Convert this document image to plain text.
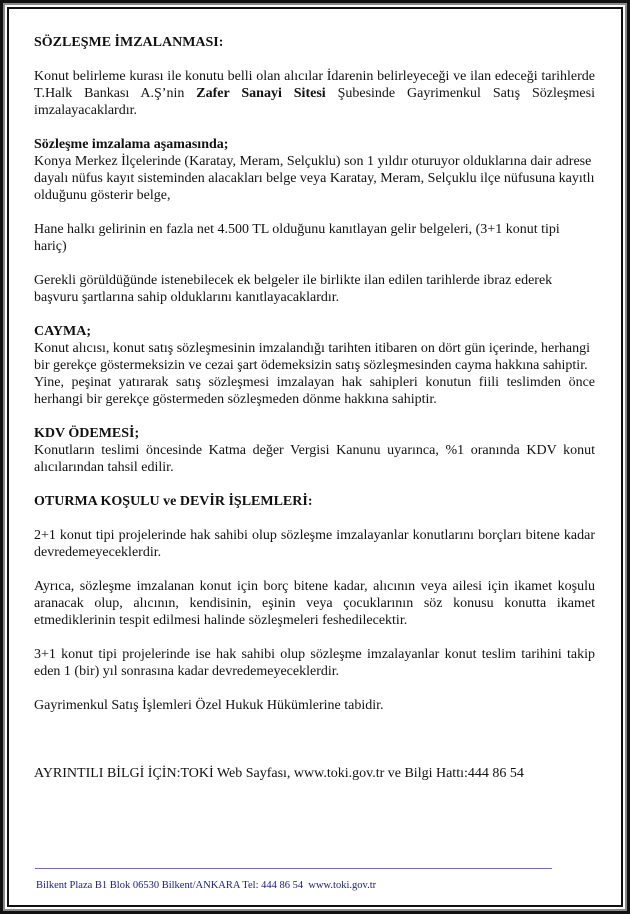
SÖZLEŞME İMZALANMASI:

Konut belirleme kurası ile konutu belli olan alıcılar İdarenin belirleyeceği ve ilan edeceği tarihlerde T.Halk Bankası A.Ş’nin Zafer Sanayi Sitesi Şubesinde Gayrimenkul Satış Sözleşmesi imzalayacaklardır.

Sözleşme imzalama aşamasında;

Konya Merkez İlçelerinde (Karatay, Meram, Selçuklu) son 1 yıldır oturuyor olduklarına dair adrese dayalı nüfus kayıt sisteminden alacakları belge veya Karatay, Meram, Selçuklu ilçe nüfusuna kayıtlı olduğunu gösterir belge,

Hane halkı gelirinin en fazla net 4.500 TL olduğunu kanıtlayan gelir belgeleri, (3+1 konut tipi hariç)

Gerekli görüldüğünde istenebilecek ek belgeler ile birlikte ilan edilen tarihlerde ibraz ederek başvuru şartlarına sahip olduklarını kanıtlayacaklardır.

CAYMA;

Konut alıcısı, konut satış sözleşmesinin imzalandığı tarihten itibaren on dört gün içerinde, herhangi bir gerekçe göstermeksizin ve cezai şart ödemeksizin satış sözleşmesinden cayma hakkına sahiptir.

Yine, peşinat yatırarak satış sözleşmesi imzalayan hak sahipleri konutun fiili teslimden önce herhangi bir gerekçe göstermeden sözleşmeden dönme hakkına sahiptir.

KDV ÖDEMESİ;

Konutların teslimi öncesinde Katma değer Vergisi Kanunu uyarınca, %1 oranında KDV konut alıcılarından tahsil edilir.

OTURMA KOŞULU ve DEVİR İŞLEMLERİ:

2+1 konut tipi projelerinde hak sahibi olup sözleşme imzalayanlar konutlarını borçları bitene kadar devredemeyeceklerdir.

Ayrıca, sözleşme imzalanan konut için borç bitene kadar, alıcının veya ailesi için ikamet koşulu aranacak olup, alıcının, kendisinin, eşinin veya çocuklarının söz konusu konutta ikamet etmediklerinin tespit edilmesi halinde sözleşmeleri feshedilecektir.

3+1 konut tipi projelerinde ise hak sahibi olup sözleşme imzalayanlar konut teslim tarihini takip eden 1 (bir) yıl sonrasına kadar devredemeyeceklerdir.

Gayrimenkul Satış İşlemleri Özel Hukuk Hükümlerine tabidir.

AYRINTILI BİLGİ İÇİN:TOKİ Web Sayfası, www.toki.gov.tr ve Bilgi Hattı:444 86 54

Bilkent Plaza B1 Blok 06530 Bilkent/ANKARA Tel: 444 86 54  www.toki.gov.tr
